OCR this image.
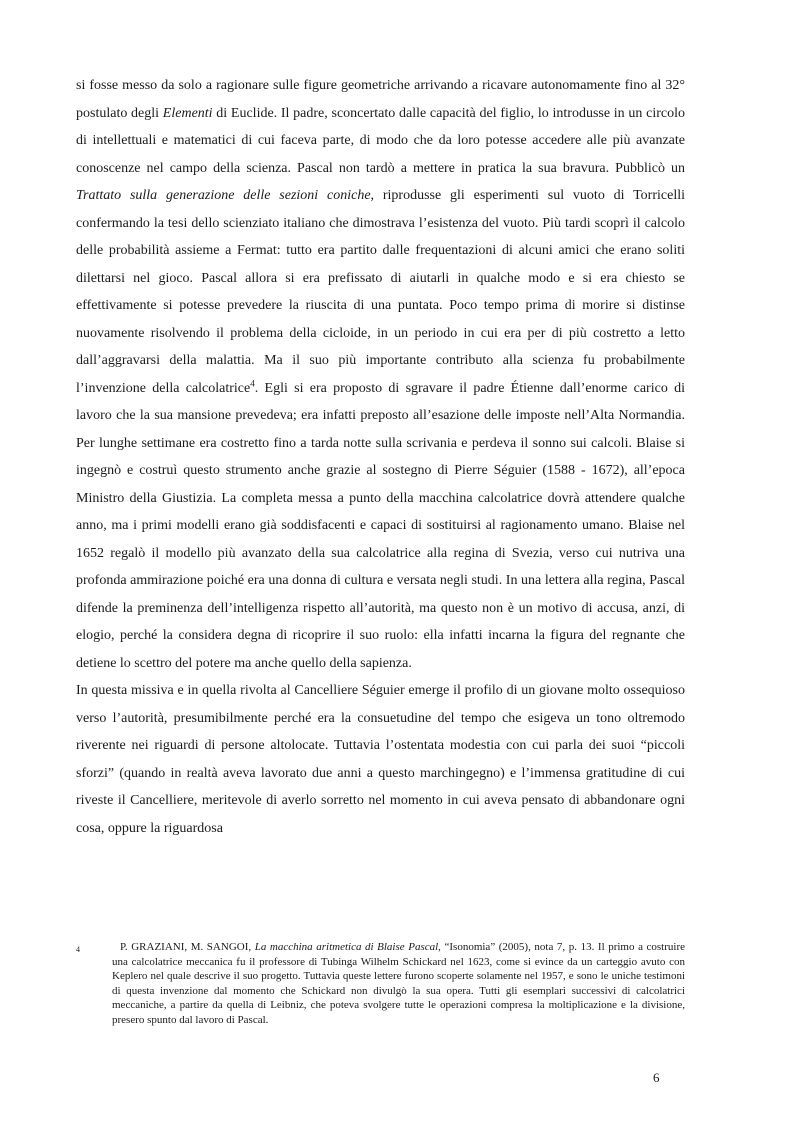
si fosse messo da solo a ragionare sulle figure geometriche arrivando a ricavare autonomamente fino al 32° postulato degli Elementi di Euclide. Il padre, sconcertato dalle capacità del figlio, lo introdusse in un circolo di intellettuali e matematici di cui faceva parte, di modo che da loro potesse accedere alle più avanzate conoscenze nel campo della scienza. Pascal non tardò a mettere in pratica la sua bravura. Pubblicò un Trattato sulla generazione delle sezioni coniche, riprodusse gli esperimenti sul vuoto di Torricelli confermando la tesi dello scienziato italiano che dimostrava l’esistenza del vuoto. Più tardi scoprì il calcolo delle probabilità assieme a Fermat: tutto era partito dalle frequentazioni di alcuni amici che erano soliti dilettarsi nel gioco. Pascal allora si era prefissato di aiutarli in qualche modo e si era chiesto se effettivamente si potesse prevedere la riuscita di una puntata. Poco tempo prima di morire si distinse nuovamente risolvendo il problema della cicloide, in un periodo in cui era per di più costretto a letto dall’aggravarsi della malattia. Ma il suo più importante contributo alla scienza fu probabilmente l’invenzione della calcolatrice$^4$. Egli si era proposto di sgravare il padre Étienne dall’enorme carico di lavoro che la sua mansione prevedeva; era infatti preposto all’esazione delle imposte nell’Alta Normandia. Per lunghe settimane era costretto fino a tarda notte sulla scrivania e perdeva il sonno sui calcoli. Blaise si ingegnò e costruì questo strumento anche grazie al sostegno di Pierre Séguier (1588 - 1672), all’epoca Ministro della Giustizia. La completa messa a punto della macchina calcolatrice dovrà attendere qualche anno, ma i primi modelli erano già soddisfacenti e capaci di sostituirsi al ragionamento umano. Blaise nel 1652 regalò il modello più avanzato della sua calcolatrice alla regina di Svezia, verso cui nutriva una profonda ammirazione poiché era una donna di cultura e versata negli studi. In una lettera alla regina, Pascal difende la preminenza dell’intelligenza rispetto all’autorità, ma questo non è un motivo di accusa, anzi, di elogio, perché la considera degna di ricoprire il suo ruolo: ella infatti incarna la figura del regnante che detiene lo scettro del potere ma anche quello della sapienza.

In questa missiva e in quella rivolta al Cancelliere Séguier emerge il profilo di un giovane molto ossequioso verso l’autorità, presumibilmente perché era la consuetudine del tempo che esigeva un tono oltremodo riverente nei riguardi di persone altolocate. Tuttavia l’ostentata modestia con cui parla dei suoi “piccoli sforzi” (quando in realtà aveva lavorato due anni a questo marchingegno) e l’immensa gratitudine di cui riveste il Cancelliere, meritevole di averlo sorretto nel momento in cui aveva pensato di abbandonare ogni cosa, oppure la riguardosa

4	P. GRAZIANI, M. SANGOI, La macchina aritmetica di Blaise Pascal, “Isonomia” (2005), nota 7, p. 13. Il primo a costruire una calcolatrice meccanica fu il professore di Tubinga Wilhelm Schickard nel 1623, come si evince da un carteggio avuto con Keplero nel quale descrive il suo progetto. Tuttavia queste lettere furono scoperte solamente nel 1957, e sono le uniche testimoni di questa invenzione dal momento che Schickard non divulgò la sua opera. Tutti gli esemplari successivi di calcolatrici meccaniche, a partire da quella di Leibniz, che poteva svolgere tutte le operazioni compresa la moltiplicazione e la divisione, presero spunto dal lavoro di Pascal.
6
